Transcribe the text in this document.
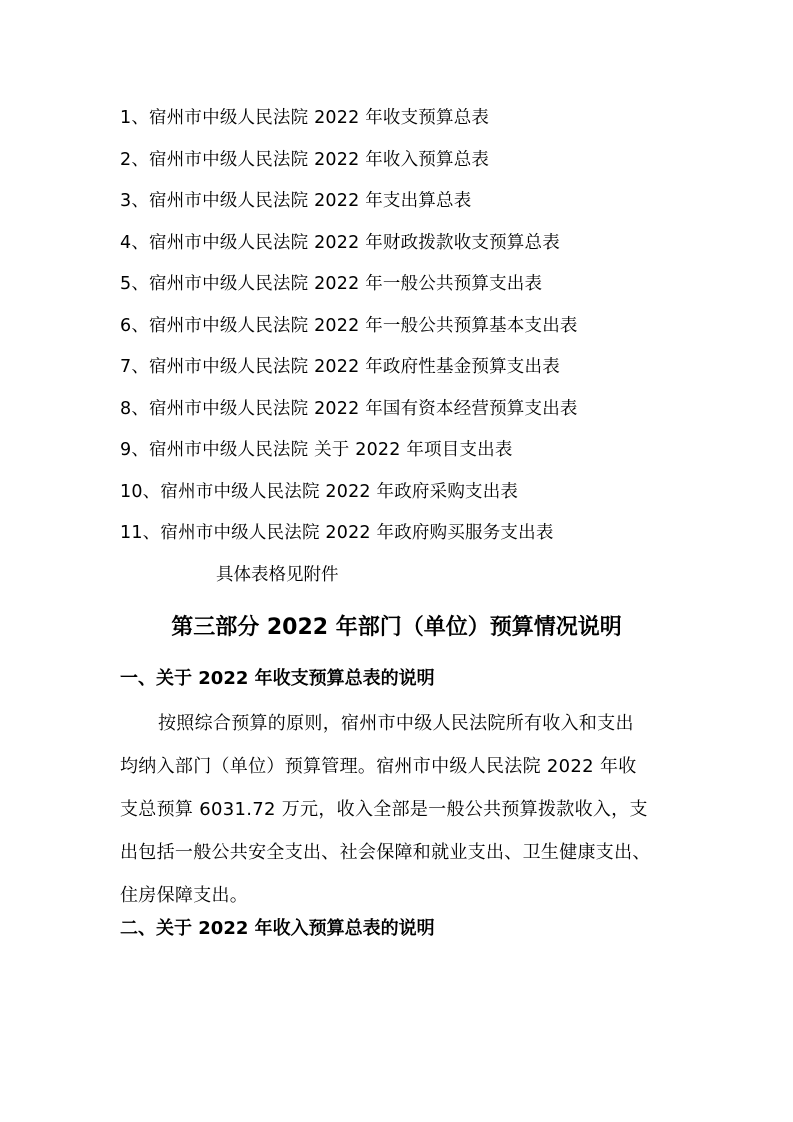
1、宿州市中级人民法院 2022 年收支预算总表
2、宿州市中级人民法院 2022 年收入预算总表
3、宿州市中级人民法院 2022 年支出算总表
4、宿州市中级人民法院 2022 年财政拨款收支预算总表
5、宿州市中级人民法院 2022 年一般公共预算支出表
6、宿州市中级人民法院 2022 年一般公共预算基本支出表
7、宿州市中级人民法院 2022 年政府性基金预算支出表
8、宿州市中级人民法院 2022 年国有资本经营预算支出表
9、宿州市中级人民法院 关于 2022 年项目支出表
10、宿州市中级人民法院 2022 年政府采购支出表
11、宿州市中级人民法院 2022 年政府购买服务支出表
具体表格见附件
第三部分 2022 年部门（单位）预算情况说明
一、关于 2022 年收支预算总表的说明
按照综合预算的原则，宿州市中级人民法院所有收入和支出
均纳入部门（单位）预算管理。宿州市中级人民法院 2022 年收
支总预算 6031.72 万元，收入全部是一般公共预算拨款收入，支
出包括一般公共安全支出、社会保障和就业支出、卫生健康支出、
住房保障支出。
二、关于 2022 年收入预算总表的说明
